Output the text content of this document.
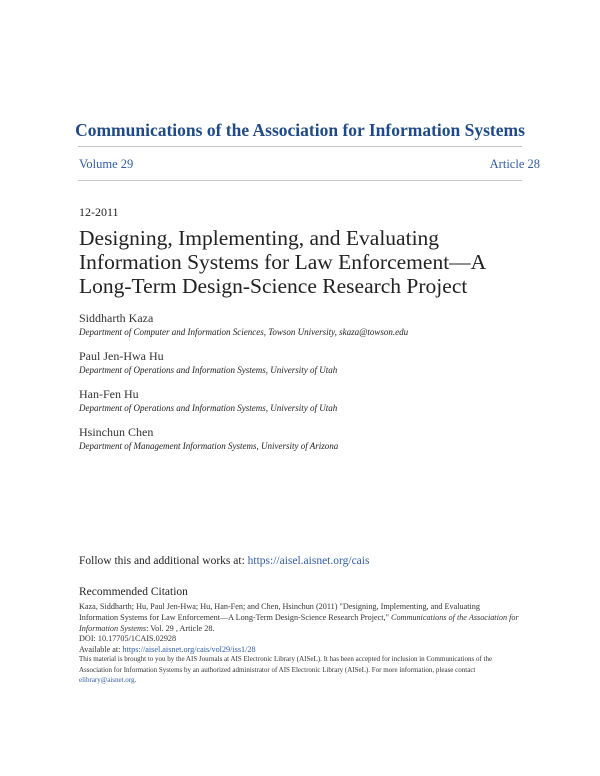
Communications of the Association for Information Systems
Volume 29	Article 28
12-2011
Designing, Implementing, and Evaluating
Information Systems for Law Enforcement—A
Long-Term Design-Science Research Project
Siddharth Kaza
Department of Computer and Information Sciences, Towson University, skaza@towson.edu
Paul Jen-Hwa Hu
Department of Operations and Information Systems, University of Utah
Han-Fen Hu
Department of Operations and Information Systems, University of Utah
Hsinchun Chen
Department of Management Information Systems, University of Arizona
Follow this and additional works at: https://aisel.aisnet.org/cais
Recommended Citation
Kaza, Siddharth; Hu, Paul Jen-Hwa; Hu, Han-Fen; and Chen, Hsinchun (2011) "Designing, Implementing, and Evaluating
Information Systems for Law Enforcement—A Long-Term Design-Science Research Project," Communications of the Association for
Information Systems: Vol. 29 , Article 28.
DOI: 10.17705/1CAIS.02928
Available at: https://aisel.aisnet.org/cais/vol29/iss1/28
This material is brought to you by the AIS Journals at AIS Electronic Library (AISeL). It has been accepted for inclusion in Communications of the
Association for Information Systems by an authorized administrator of AIS Electronic Library (AISeL). For more information, please contact
elibrary@aisnet.org.
